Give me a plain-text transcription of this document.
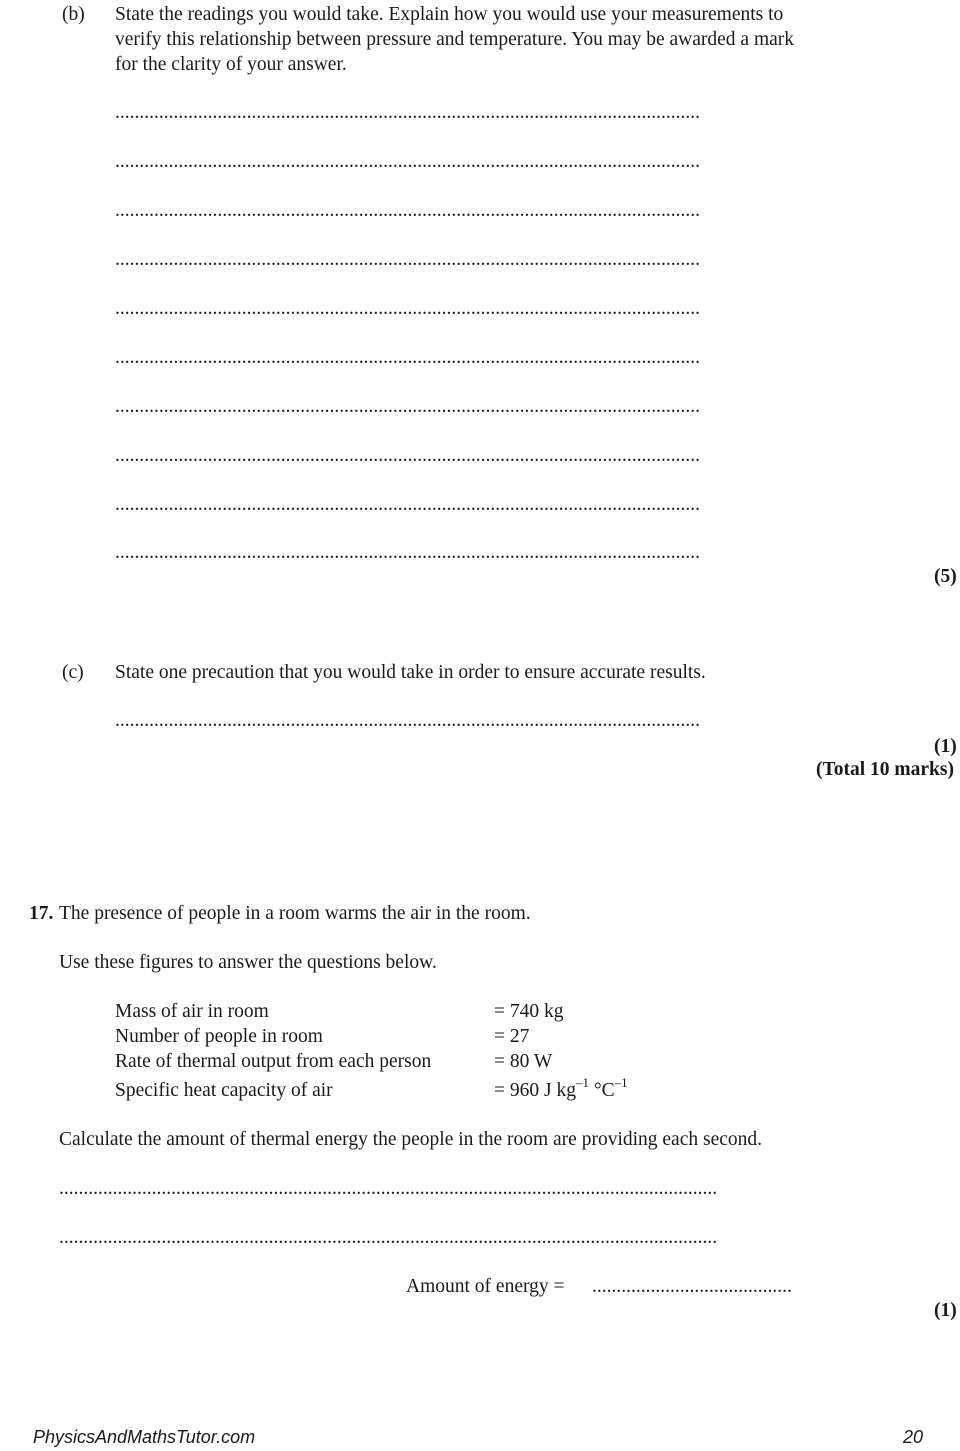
(b) State the readings you would take. Explain how you would use your measurements to
verify this relationship between pressure and temperature. You may be awarded a mark
for the clarity of your answer.
........................................................................................................................
........................................................................................................................
........................................................................................................................
........................................................................................................................
........................................................................................................................
........................................................................................................................
........................................................................................................................
........................................................................................................................
........................................................................................................................
........................................................................................................................
(5)
(c) State one precaution that you would take in order to ensure accurate results.
........................................................................................................................
(1)
(Total 10 marks)
17. The presence of people in a room warms the air in the room.
Use these figures to answer the questions below.
Mass of air in room	= 740 kg
Number of people in room	= 27
Rate of thermal output from each person	= 80 W
Specific heat capacity of air	= 960 J $kg^{-1}$ $^\circ C^{-1}$
Calculate the amount of thermal energy the people in the room are providing each second.
.......................................................................................................................................
.......................................................................................................................................
Amount of energy = .........................................
(1)
PhysicsAndMathsTutor.com	20
